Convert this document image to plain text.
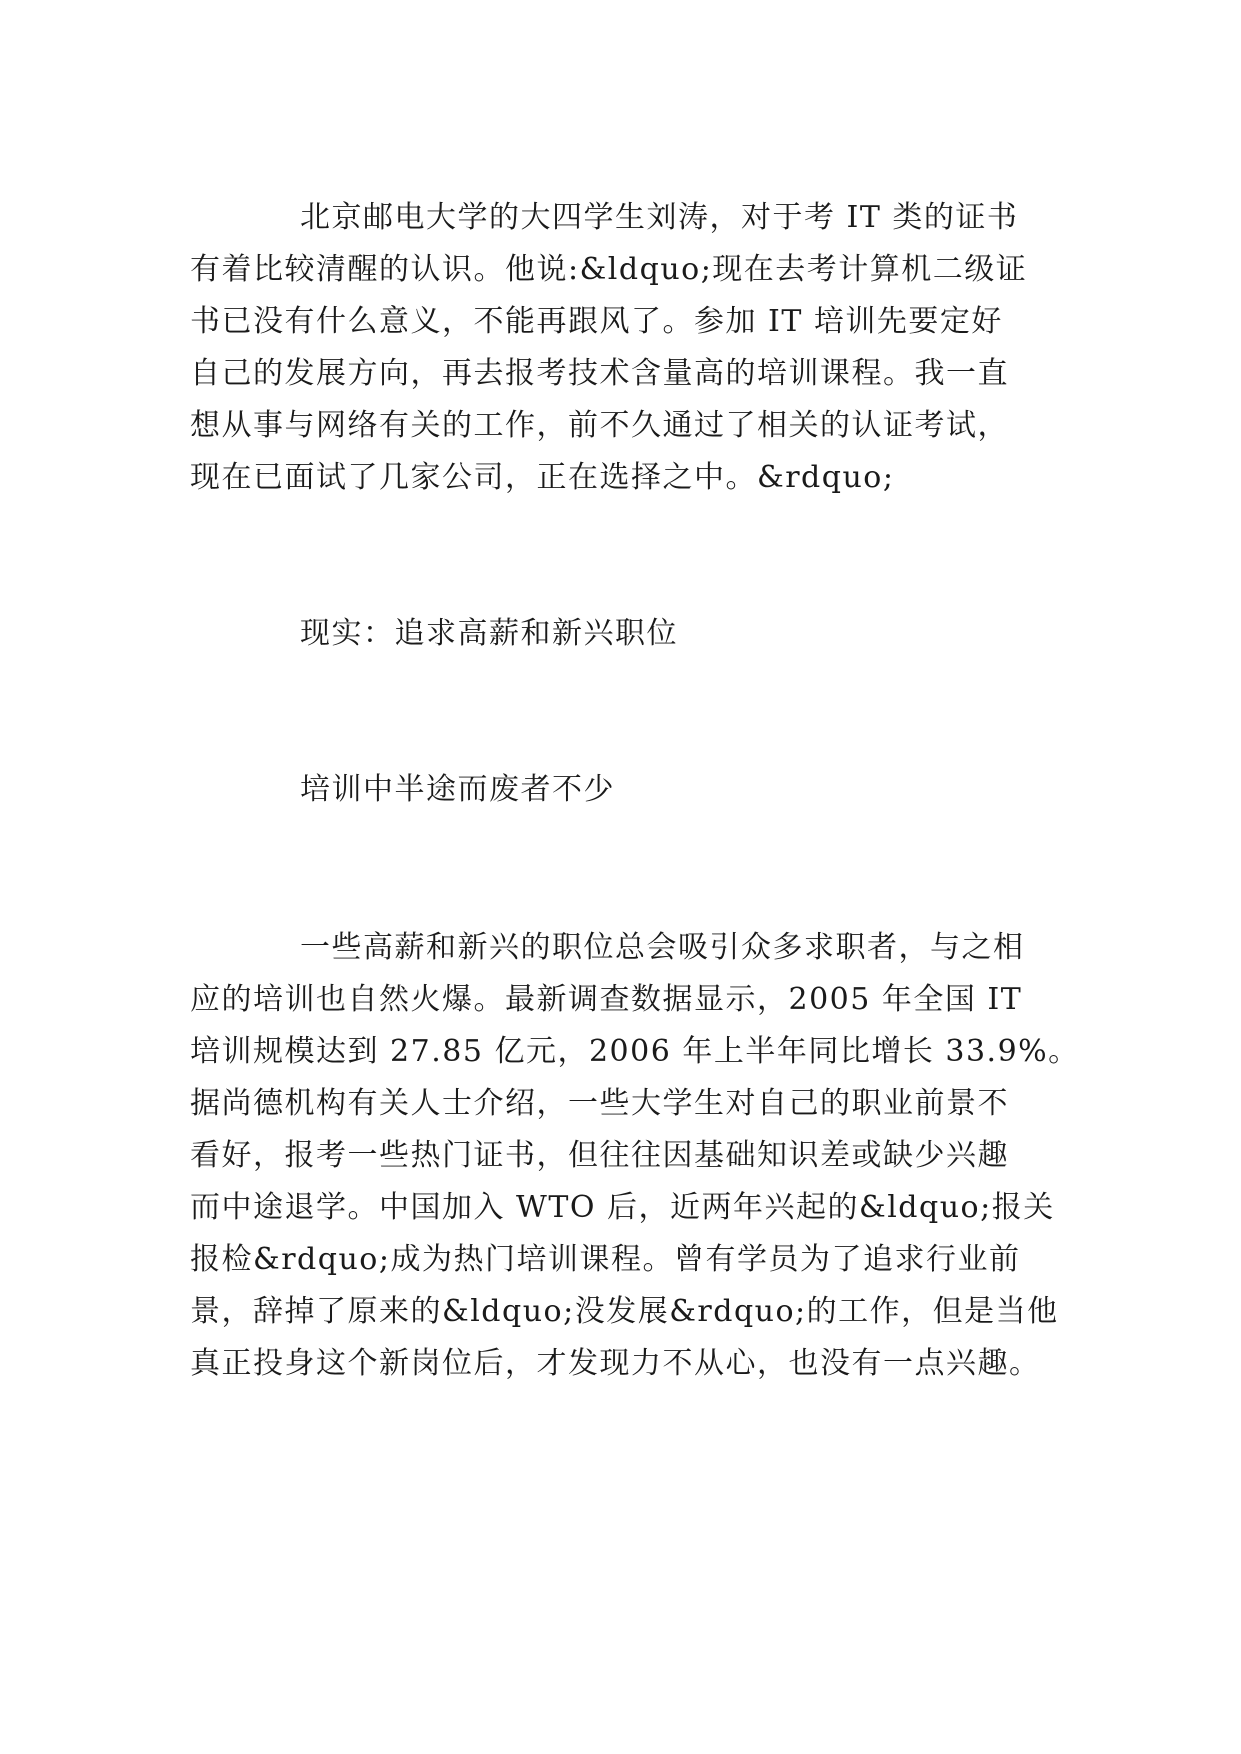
北京邮电大学的大四学生刘涛，对于考 IT 类的证书
有着比较清醒的认识。他说:&ldquo;现在去考计算机二级证
书已没有什么意义，不能再跟风了。参加 IT 培训先要定好
自己的发展方向，再去报考技术含量高的培训课程。我一直
想从事与网络有关的工作，前不久通过了相关的认证考试，
现在已面试了几家公司，正在选择之中。&rdquo;
现实：追求高薪和新兴职位
培训中半途而废者不少
一些高薪和新兴的职位总会吸引众多求职者，与之相
应的培训也自然火爆。最新调查数据显示，2005 年全国 IT
培训规模达到 27.85 亿元，2006 年上半年同比增长 33.9%。
据尚德机构有关人士介绍，一些大学生对自己的职业前景不
看好，报考一些热门证书，但往往因基础知识差或缺少兴趣
而中途退学。中国加入 WTO 后，近两年兴起的&ldquo;报关
报检&rdquo;成为热门培训课程。曾有学员为了追求行业前
景，辞掉了原来的&ldquo;没发展&rdquo;的工作，但是当他
真正投身这个新岗位后，才发现力不从心，也没有一点兴趣。
